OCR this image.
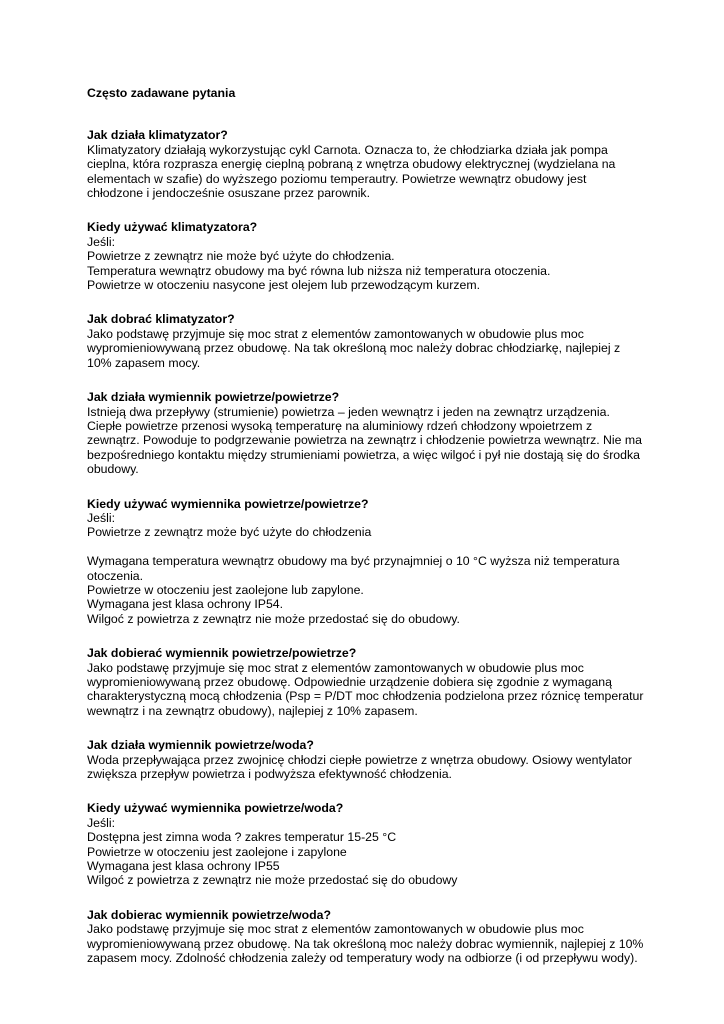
Często zadawane pytania
Jak działa klimatyzator?
Klimatyzatory działają wykorzystując cykl Carnota. Oznacza to, że chłodziarka działa jak pompa
cieplna, która rozprasza energię cieplną pobraną z wnętrza obudowy elektrycznej (wydzielana na
elementach w szafie) do wyższego poziomu temperautry. Powietrze wewnątrz obudowy jest
chłodzone i jendocześnie osuszane przez parownik.
Kiedy używać klimatyzatora?
Jeśli:
Powietrze z zewnątrz nie może być użyte do chłodzenia.
Temperatura wewnątrz obudowy ma być równa lub niższa niż temperatura otoczenia.
Powietrze w otoczeniu nasycone jest olejem lub przewodzącym kurzem.
Jak dobrać klimatyzator?
Jako podstawę przyjmuje się moc strat z elementów zamontowanych w obudowie plus moc
wypromieniowywaną przez obudowę. Na tak określoną moc należy dobrac chłodziarkę, najlepiej z
10% zapasem mocy.
Jak działa wymiennik powietrze/powietrze?
Istnieją dwa przepływy (strumienie) powietrza – jeden wewnątrz i jeden na zewnątrz urządzenia.
Ciepłe powietrze przenosi wysoką temperaturę na aluminiowy rdzeń chłodzony wpoietrzem z
zewnątrz. Powoduje to podgrzewanie powietrza na zewnątrz i chłodzenie powietrza wewnątrz. Nie ma
bezpośredniego kontaktu między strumieniami powietrza, a więc wilgoć i pył nie dostają się do środka
obudowy.
Kiedy używać wymiennika powietrze/powietrze?
Jeśli:
Powietrze z zewnątrz może być użyte do chłodzenia
Wymagana temperatura wewnątrz obudowy ma być przynajmniej o 10 °C wyższa niż temperatura
otoczenia.
Powietrze w otoczeniu jest zaolejone lub zapylone.
Wymagana jest klasa ochrony IP54.
Wilgoć z powietrza z zewnątrz nie może przedostać się do obudowy.
Jak dobierać wymiennik powietrze/powietrze?
Jako podstawę przyjmuje się moc strat z elementów zamontowanych w obudowie plus moc
wypromieniowywaną przez obudowę. Odpowiednie urządzenie dobiera się zgodnie z wymaganą
charakterystyczną mocą chłodzenia (Psp = P/DT moc chłodzenia podzielona przez róznicę temperatur
wewnątrz i na zewnątrz obudowy), najlepiej z 10% zapasem.
Jak działa wymiennik powietrze/woda?
Woda przepływająca przez zwojnicę chłodzi ciepłe powietrze z wnętrza obudowy. Osiowy wentylator
zwiększa przepływ powietrza i podwyższa efektywność chłodzenia.
Kiedy używać wymiennika powietrze/woda?
Jeśli:
Dostępna jest zimna woda ? zakres temperatur 15-25 °C
Powietrze w otoczeniu jest zaolejone i zapylone
Wymagana jest klasa ochrony IP55
Wilgoć z powietrza z zewnątrz nie może przedostać się do obudowy
Jak dobierac wymiennik powietrze/woda?
Jako podstawę przyjmuje się moc strat z elementów zamontowanych w obudowie plus moc
wypromieniowywaną przez obudowę. Na tak określoną moc należy dobrac wymiennik, najlepiej z 10%
zapasem mocy. Zdolność chłodzenia zależy od temperatury wody na odbiorze (i od przepływu wody).
